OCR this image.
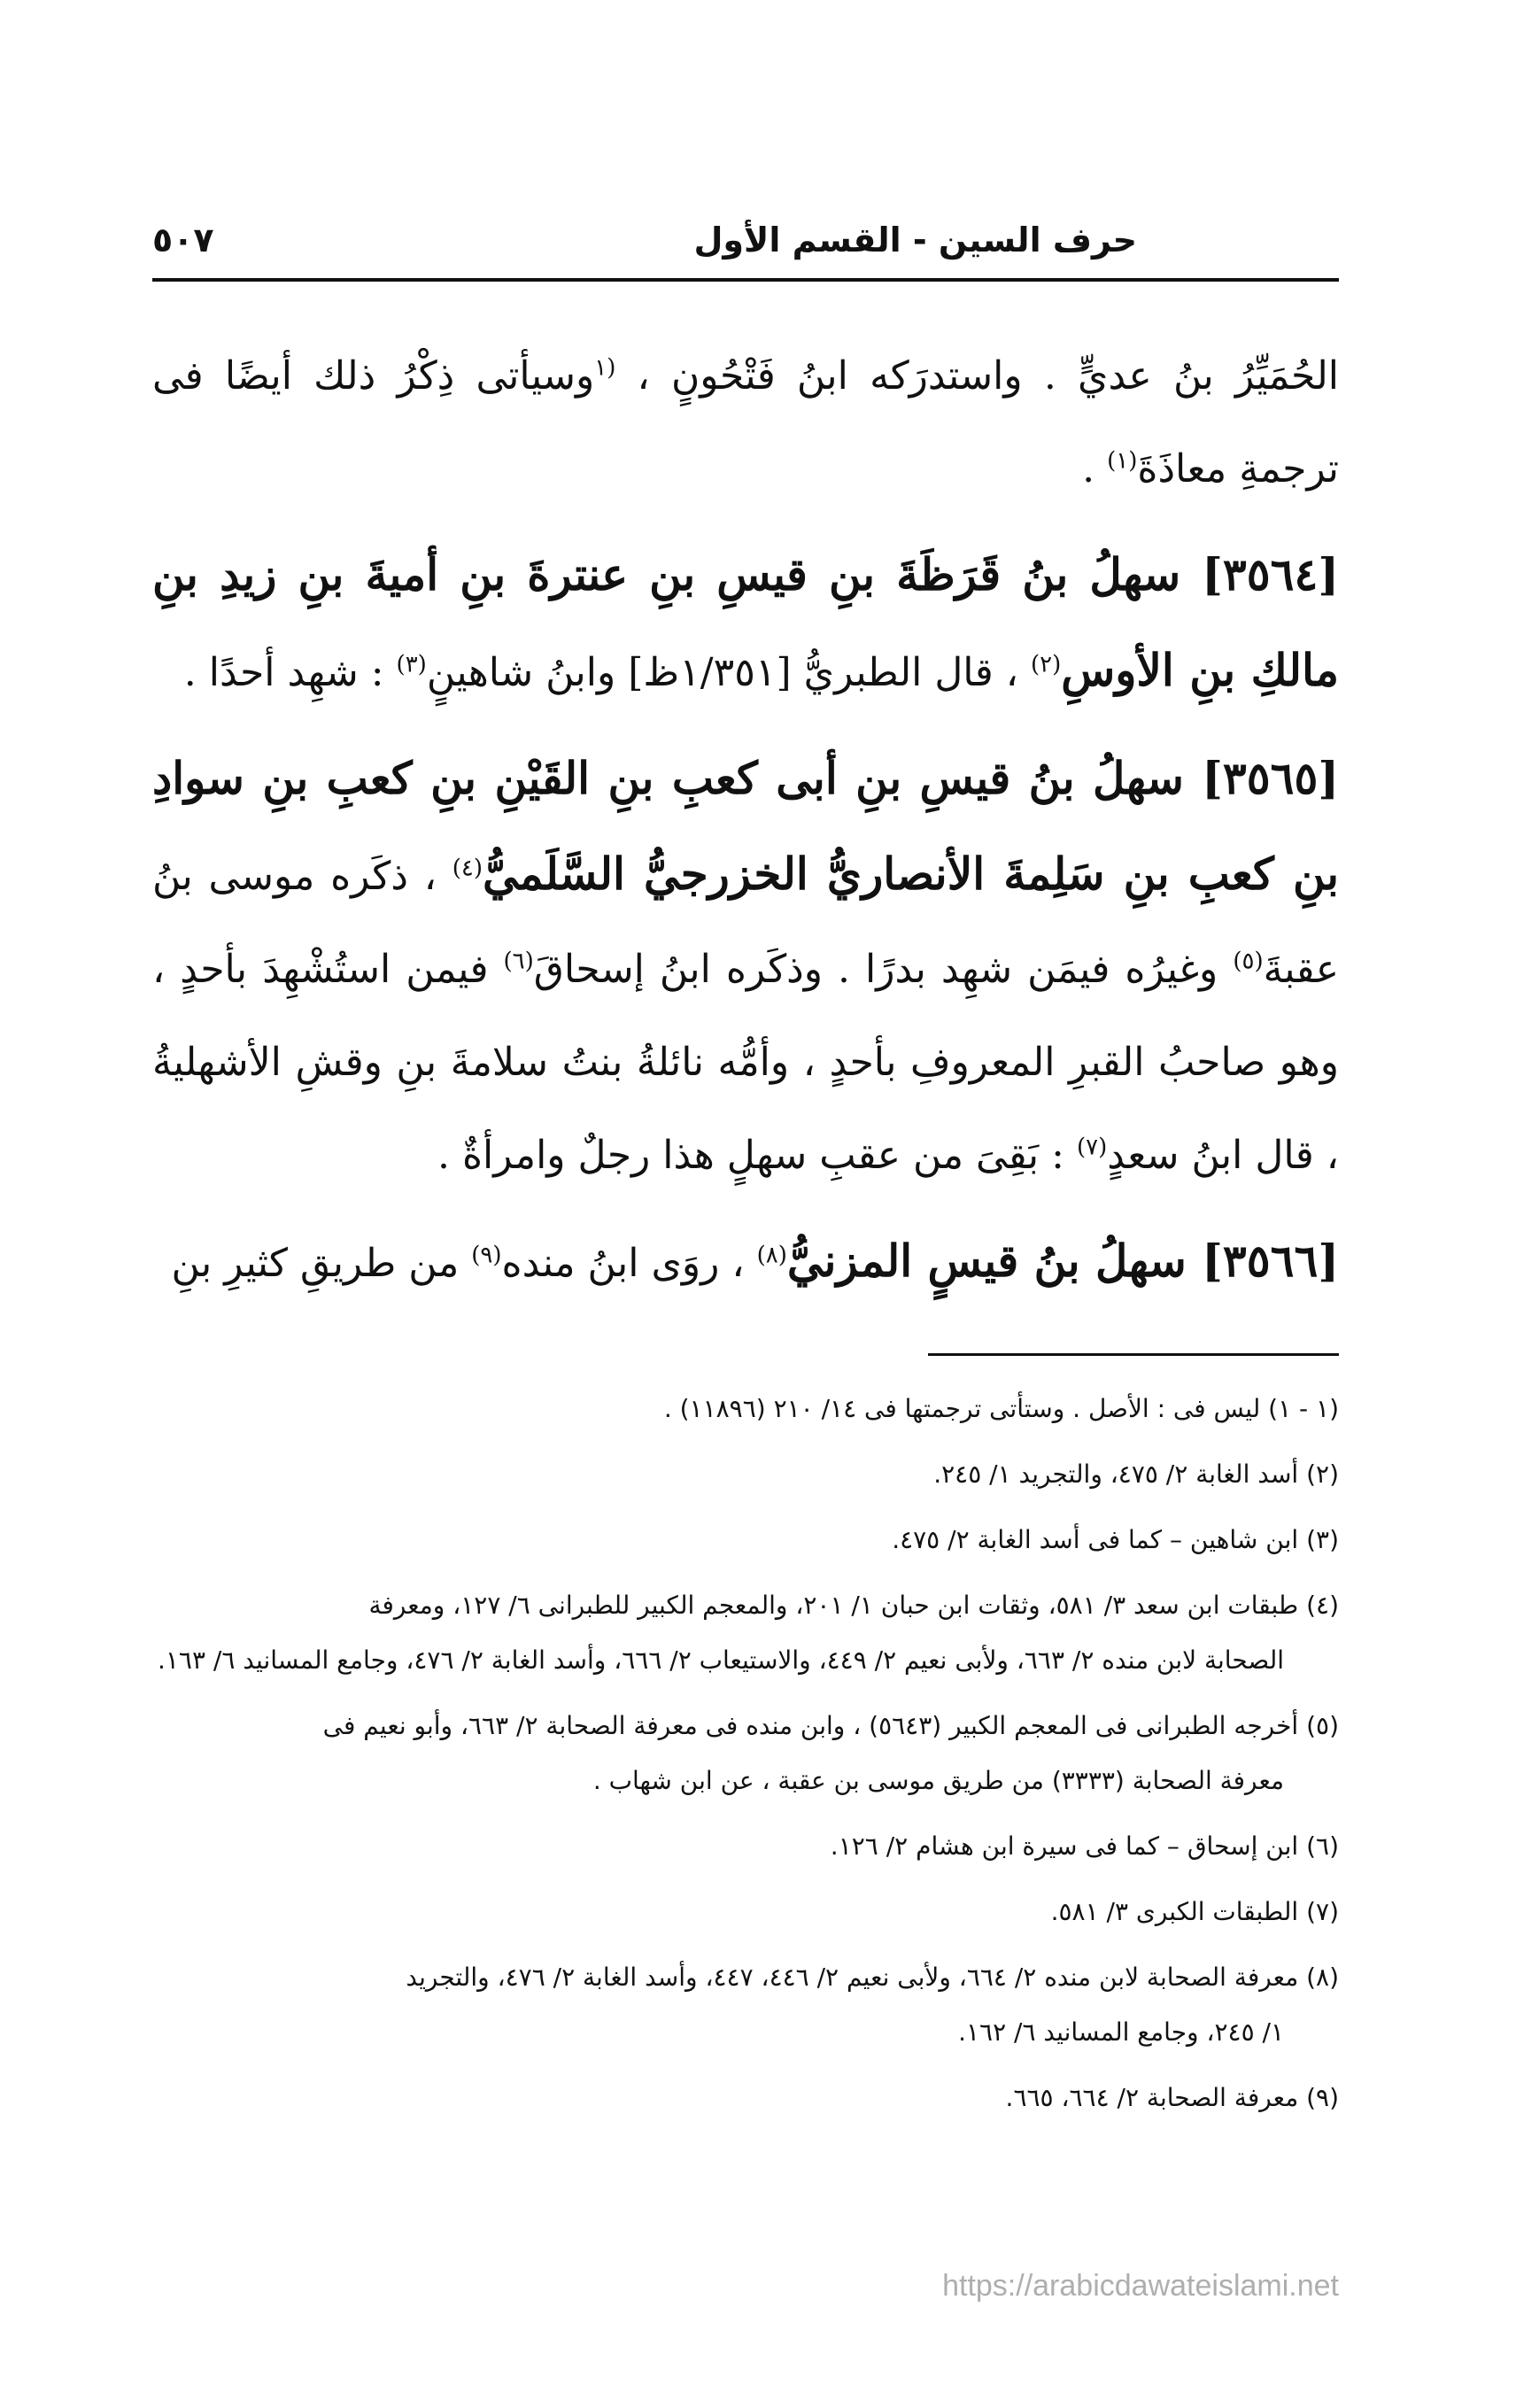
حرف السين - القسم الأول
٥٠٧

الحُمَيِّرُ بنُ عديٍّ . واستدرَكه ابنُ فَتْحُونٍ ، $^{(١}$وسيأتى ذِكْرُ ذلك أيضًا فى ترجمةِ معاذَةَ$^{(١)}$ .

[٣٥٦٤] سهلُ بنُ قَرَظَةَ بنِ قيسِ بنِ عنترةَ بنِ أميةَ بنِ زيدِ بنِ مالكِ بنِ الأوسِ$^{(٢)}$ ، قال الطبريُّ [١/٣٥١ظ] وابنُ شاهينٍ$^{(٣)}$ : شهِد أحدًا .

[٣٥٦٥] سهلُ بنُ قيسِ بنِ أبى كعبِ بنِ القَيْنِ بنِ كعبِ بنِ سوادِ بنِ كعبِ بنِ سَلِمةَ الأنصاريُّ الخزرجيُّ السَّلَميُّ$^{(٤)}$ ، ذكَره موسى بنُ عقبةَ$^{(٥)}$ وغيرُه فيمَن شهِد بدرًا . وذكَره ابنُ إسحاقَ$^{(٦)}$ فيمن استُشْهِدَ بأحدٍ ، وهو صاحبُ القبرِ المعروفِ بأحدٍ ، وأمُّه نائلةُ بنتُ سلامةَ بنِ وقشِ الأشهليةُ ، قال ابنُ سعدٍ$^{(٧)}$ : بَقِىَ من عقبِ سهلٍ هذا رجلٌ وامرأةٌ .

[٣٥٦٦] سهلُ بنُ قيسٍ المزنيُّ$^{(٨)}$ ، روَى ابنُ منده$^{(٩)}$ من طريقِ كثيرِ بنِ

(١ - ١) ليس فى : الأصل . وستأتى ترجمتها فى ١٤/ ٢١٠ (١١٨٩٦) .

(٢) أسد الغابة ٢/ ٤٧٥، والتجريد ١/ ٢٤٥.

(٣) ابن شاهين – كما فى أسد الغابة ٢/ ٤٧٥.

(٤) طبقات ابن سعد ٣/ ٥٨١، وثقات ابن حبان ١/ ٢٠١، والمعجم الكبير للطبرانى ٦/ ١٢٧، ومعرفة
الصحابة لابن منده ٢/ ٦٦٣، ولأبى نعيم ٢/ ٤٤٩، والاستيعاب ٢/ ٦٦٦، وأسد الغابة ٢/ ٤٧٦، وجامع المسانيد ٦/ ١٦٣.

(٥) أخرجه الطبرانى فى المعجم الكبير (٥٦٤٣) ، وابن منده فى معرفة الصحابة ٢/ ٦٦٣، وأبو نعيم فى
معرفة الصحابة (٣٣٣٣) من طريق موسى بن عقبة ، عن ابن شهاب .

(٦) ابن إسحاق – كما فى سيرة ابن هشام ٢/ ١٢٦.

(٧) الطبقات الكبرى ٣/ ٥٨١.

(٨) معرفة الصحابة لابن منده ٢/ ٦٦٤، ولأبى نعيم ٢/ ٤٤٦، ٤٤٧، وأسد الغابة ٢/ ٤٧٦، والتجريد
١/ ٢٤٥، وجامع المسانيد ٦/ ١٦٢.

(٩) معرفة الصحابة ٢/ ٦٦٤، ٦٦٥.

https://arabicdawateislami.net
